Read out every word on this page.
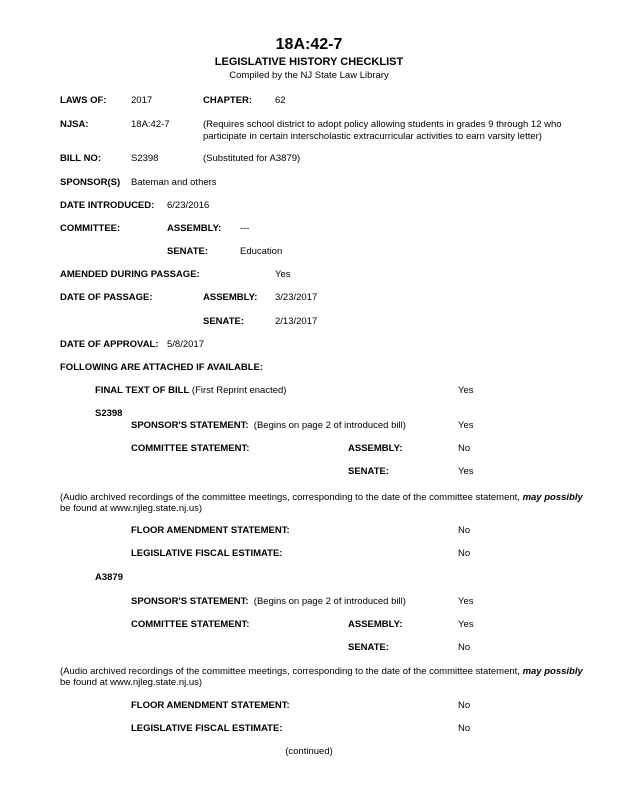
18A:42-7
LEGISLATIVE HISTORY CHECKLIST
Compiled by the NJ State Law Library
LAWS OF:	2017	CHAPTER: 62
NJSA:	18A:42-7	(Requires school district to adopt policy allowing students in grades 9 through 12 who participate in certain interscholastic extracurricular activities to earn varsity letter)
BILL NO:	S2398	(Substituted for A3879)
SPONSOR(S) Bateman and others
DATE INTRODUCED: 6/23/2016
COMMITTEE:	ASSEMBLY: ---
SENATE:	Education
AMENDED DURING PASSAGE:	Yes
DATE OF PASSAGE:	ASSEMBLY: 3/23/2017
SENATE:	2/13/2017
DATE OF APPROVAL: 5/8/2017
FOLLOWING ARE ATTACHED IF AVAILABLE:
FINAL TEXT OF BILL (First Reprint enacted)	Yes
S2398
SPONSOR'S STATEMENT: (Begins on page 2 of introduced bill)	Yes
COMMITTEE STATEMENT:	ASSEMBLY:	No
SENATE:	Yes
(Audio archived recordings of the committee meetings, corresponding to the date of the committee statement, may possibly
be found at www.njleg.state.nj.us)
FLOOR AMENDMENT STATEMENT:	No
LEGISLATIVE FISCAL ESTIMATE:	No
A3879
SPONSOR'S STATEMENT: (Begins on page 2 of introduced bill)	Yes
COMMITTEE STATEMENT:	ASSEMBLY:	Yes
SENATE:	No
(Audio archived recordings of the committee meetings, corresponding to the date of the committee statement, may possibly
be found at www.njleg.state.nj.us)
FLOOR AMENDMENT STATEMENT:	No
LEGISLATIVE FISCAL ESTIMATE:	No
(continued)
